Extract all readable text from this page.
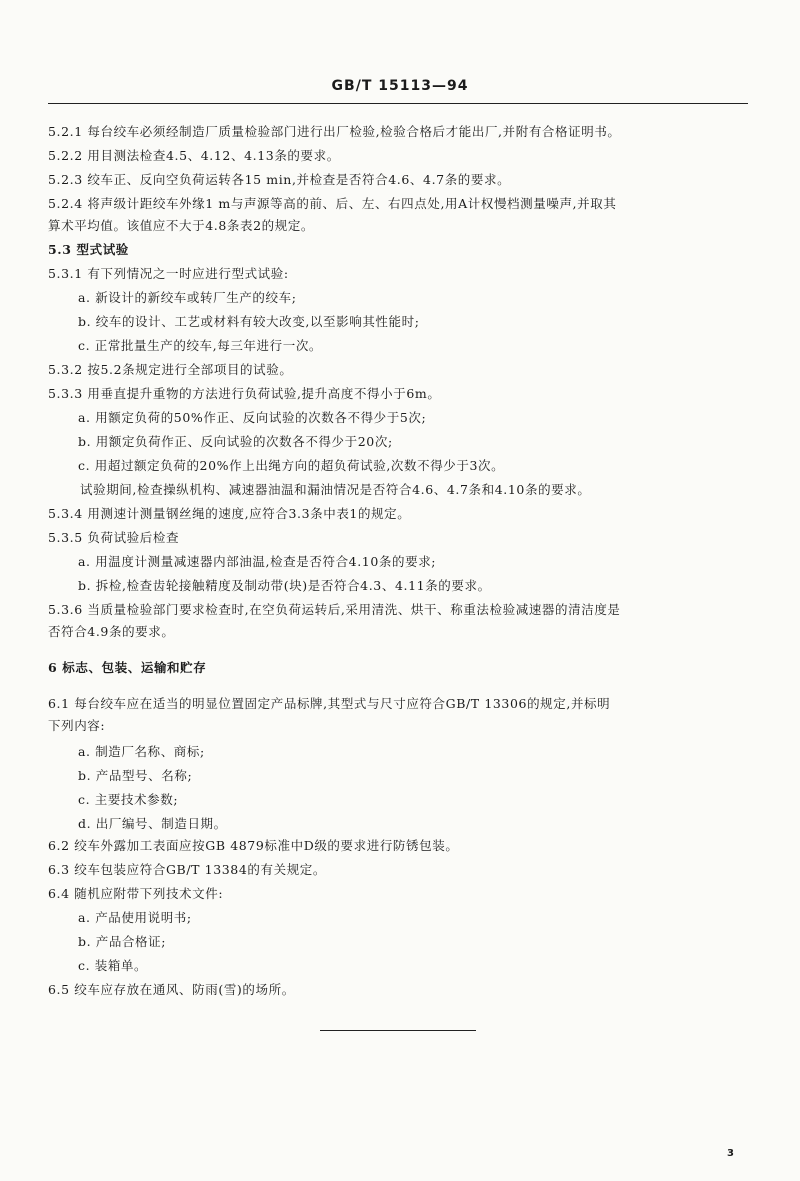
GB/T 15113—94
5.2.1 每台绞车必须经制造厂质量检验部门进行出厂检验,检验合格后才能出厂,并附有合格证明书。
5.2.2 用目测法检查4.5、4.12、4.13条的要求。
5.2.3 绞车正、反向空负荷运转各15 min,并检查是否符合4.6、4.7条的要求。
5.2.4 将声级计距绞车外缘1 m与声源等高的前、后、左、右四点处,用A计权慢档测量噪声,并取其
算术平均值。该值应不大于4.8条表2的规定。
5.3 型式试验
5.3.1 有下列情况之一时应进行型式试验:
a. 新设计的新绞车或转厂生产的绞车;
b. 绞车的设计、工艺或材料有较大改变,以至影响其性能时;
c. 正常批量生产的绞车,每三年进行一次。
5.3.2 按5.2条规定进行全部项目的试验。
5.3.3 用垂直提升重物的方法进行负荷试验,提升高度不得小于6m。
a. 用额定负荷的50%作正、反向试验的次数各不得少于5次;
b. 用额定负荷作正、反向试验的次数各不得少于20次;
c. 用超过额定负荷的20%作上出绳方向的超负荷试验,次数不得少于3次。
试验期间,检查操纵机构、减速器油温和漏油情况是否符合4.6、4.7条和4.10条的要求。
5.3.4 用测速计测量钢丝绳的速度,应符合3.3条中表1的规定。
5.3.5 负荷试验后检查
a. 用温度计测量减速器内部油温,检查是否符合4.10条的要求;
b. 拆检,检查齿轮接触精度及制动带(块)是否符合4.3、4.11条的要求。
5.3.6 当质量检验部门要求检查时,在空负荷运转后,采用清洗、烘干、称重法检验减速器的清洁度是
否符合4.9条的要求。
6 标志、包装、运输和贮存
6.1 每台绞车应在适当的明显位置固定产品标牌,其型式与尺寸应符合GB/T 13306的规定,并标明
下列内容:
a. 制造厂名称、商标;
b. 产品型号、名称;
c. 主要技术参数;
d. 出厂编号、制造日期。
6.2 绞车外露加工表面应按GB 4879标准中D级的要求进行防锈包装。
6.3 绞车包装应符合GB/T 13384的有关规定。
6.4 随机应附带下列技术文件:
a. 产品使用说明书;
b. 产品合格证;
c. 装箱单。
6.5 绞车应存放在通风、防雨(雪)的场所。
3
